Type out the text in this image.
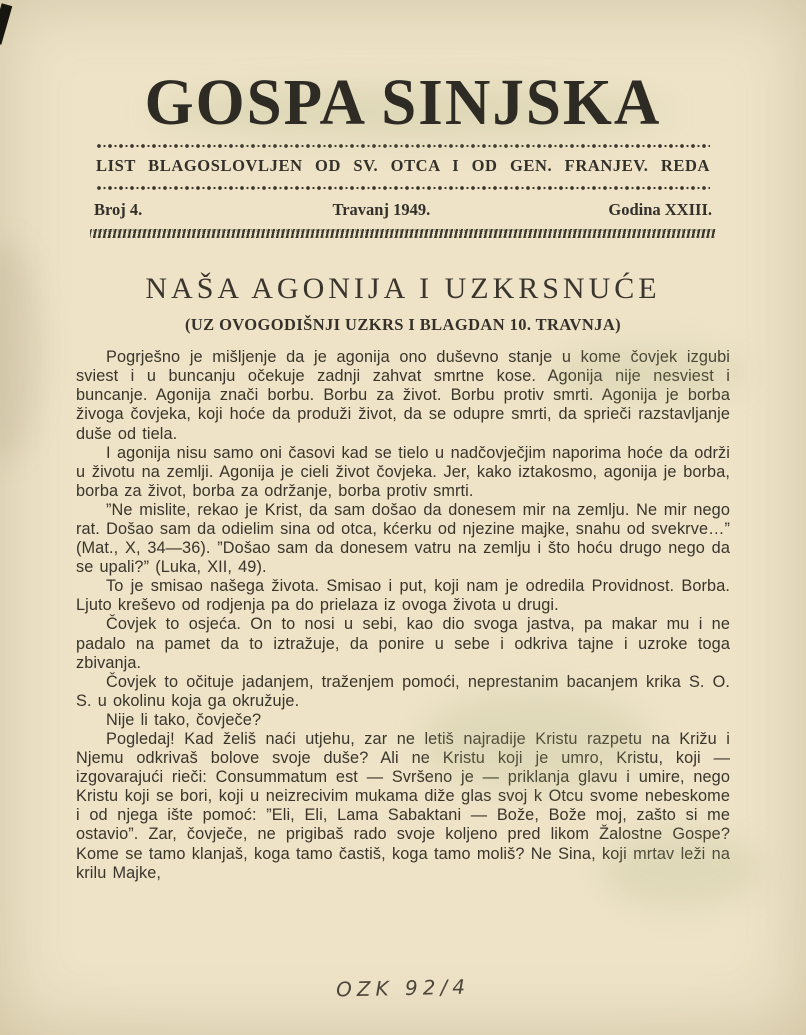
GOSPA SINJSKA
LIST BLAGOSLOVLJEN OD SV. OTCA I OD GEN. FRANJEV. REDA
Broj 4.	Travanj 1949.	Godina XXIII.
NAŠA AGONIJA I UZKRSNUĆE
(UZ OVOGODIŠNJI UZKRS I BLAGDAN 10. TRAVNJA)

Pogrješno je mišljenje da je agonija ono duševno stanje u kome čovjek izgubi sviest i u buncanju očekuje zadnji zahvat smrtne kose. Agonija nije nesviest i buncanje. Agonija znači borbu. Borbu za život. Borbu protiv smrti. Agonija je borba živoga čovjeka, koji hoće da produži život, da se odupre smrti, da sprieči razstavljanje duše od tiela.

I agonija nisu samo oni časovi kad se tielo u nadčovječjim naporima hoće da održi u životu na zemlji. Agonija je cieli život čovjeka. Jer, kako iztakosmo, agonija je borba, borba za život, borba za održanje, borba protiv smrti.

”Ne mislite, rekao je Krist, da sam došao da donesem mir na zemlju. Ne mir nego rat. Došao sam da odielim sina od otca, kćerku od njezine majke, snahu od svekrve…” (Mat., X, 34—36). ”Došao sam da donesem vatru na zemlju i što hoću drugo nego da se upali?” (Luka, XII, 49).

To je smisao našega života. Smisao i put, koji nam je odredila Providnost. Borba. Ljuto kreševo od rodjenja pa do prielaza iz ovoga života u drugi.

Čovjek to osjeća. On to nosi u sebi, kao dio svoga jastva, pa makar mu i ne padalo na pamet da to iztražuje, da ponire u sebe i odkriva tajne i uzroke toga zbivanja.

Čovjek to očituje jadanjem, traženjem pomoći, neprestanim bacanjem krika S. O. S. u okolinu koja ga okružuje.

Nije li tako, čovječe?

Pogledaj! Kad želiš naći utjehu, zar ne letiš najradije Kristu razpetu na Križu i Njemu odkrivaš bolove svoje duše? Ali ne Kristu koji je umro, Kristu, koji — izgovarajući rieči: Consummatum est — Svršeno je — priklanja glavu i umire, nego Kristu koji se bori, koji u neizrecivim mukama diže glas svoj k Otcu svome nebeskome i od njega ište pomoć: ”Eli, Eli, Lama Sabaktani — Bože, Bože moj, zašto si me ostavio”. Zar, čovječe, ne prigibaš rado svoje koljeno pred likom Žalostne Gospe? Kome se tamo klanjaš, koga tamo častiš, koga tamo moliš? Ne Sina, koji mrtav leži na krilu Majke,

OZK 92/4
